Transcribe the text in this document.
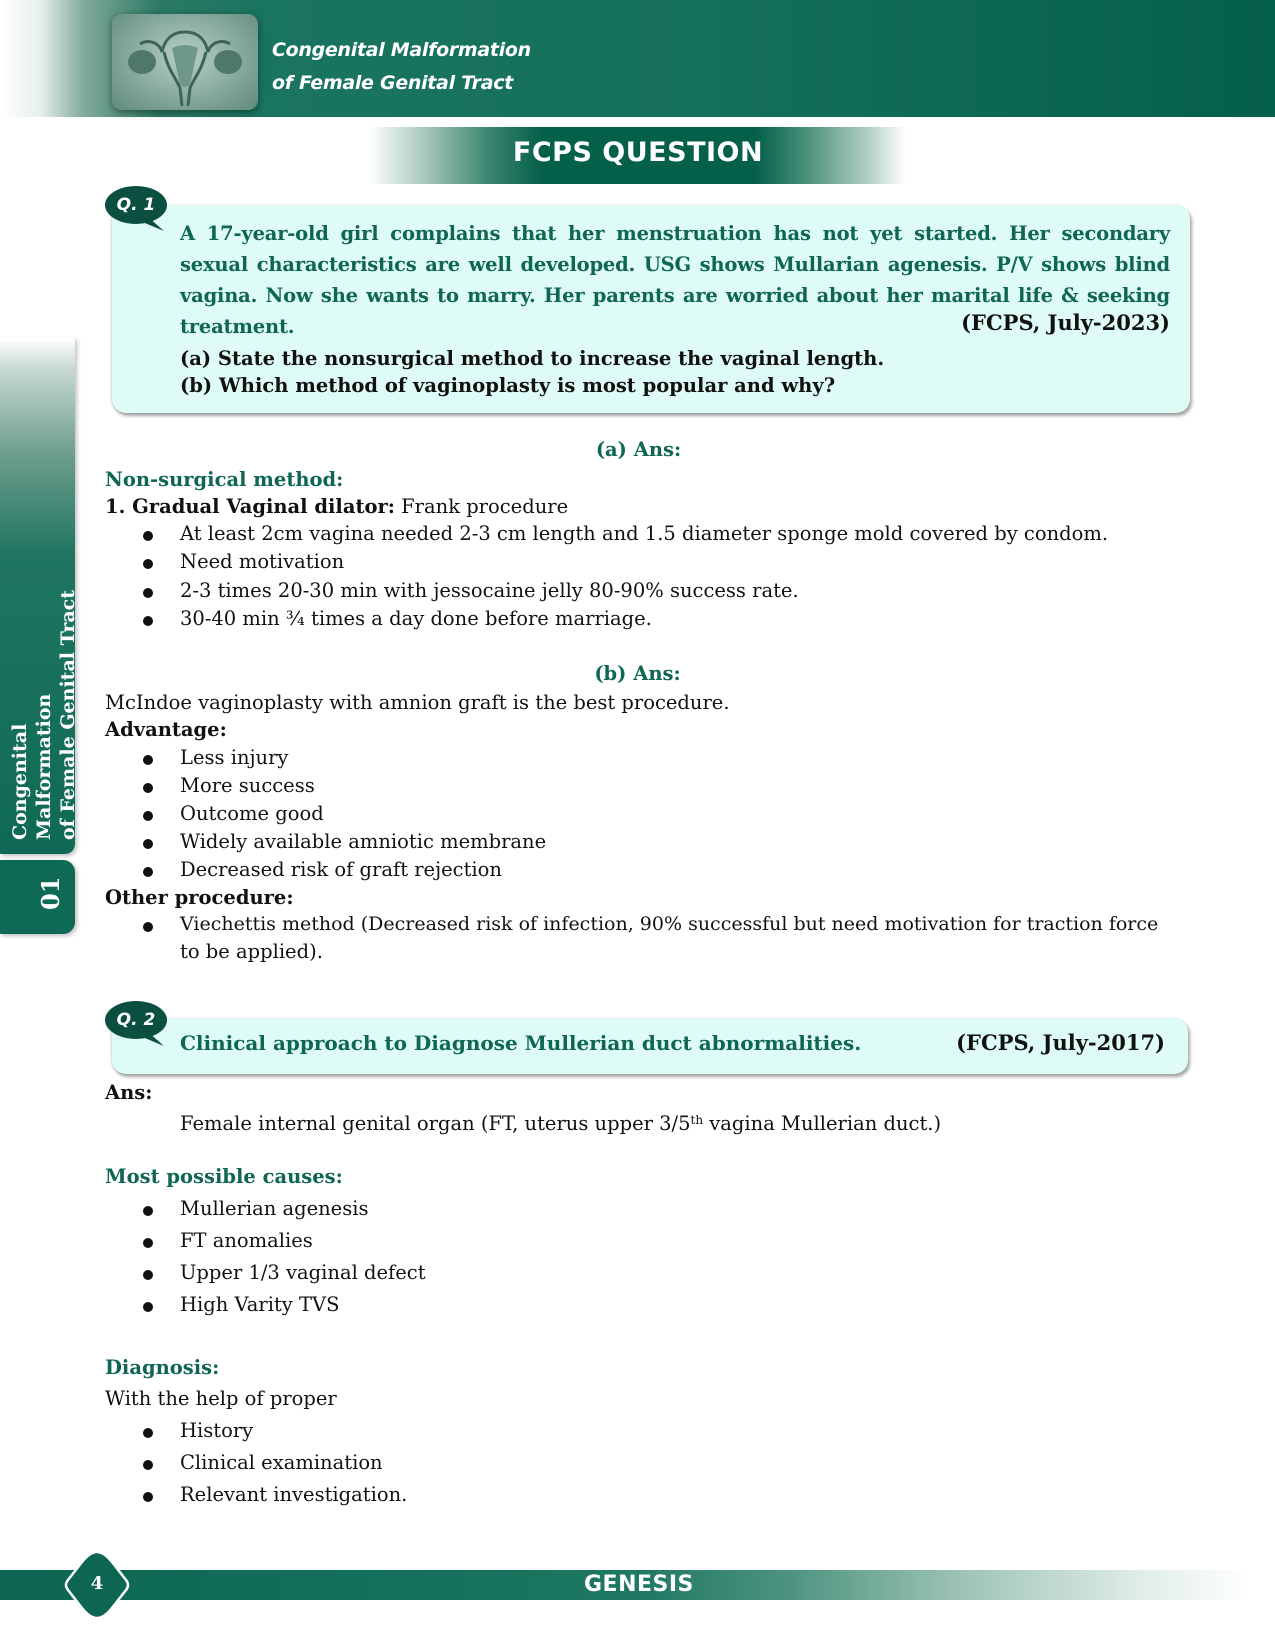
Congenital Malformation
of Female Genital Tract
FCPS QUESTION
Congenital Malformation of Female Genital Tract
01
Q. 1
A 17-year-old girl complains that her menstruation has not yet started. Her secondary sexual characteristics are well developed. USG shows Mullarian agenesis. P/V shows blind vagina. Now she wants to marry. Her parents are worried about her marital life & seeking treatment.	(FCPS, July-2023)
(a) State the nonsurgical method to increase the vaginal length.
(b) Which method of vaginoplasty is most popular and why?
(a) Ans:
Non-surgical method:
1. Gradual Vaginal dilator: Frank procedure
At least 2cm vagina needed 2-3 cm length and 1.5 diameter sponge mold covered by condom.
Need motivation
2-3 times 20-30 min with jessocaine jelly 80-90% success rate.
30-40 min ¾ times a day done before marriage.
(b) Ans:
McIndoe vaginoplasty with amnion graft is the best procedure.
Advantage:
Less injury
More success
Outcome good
Widely available amniotic membrane
Decreased risk of graft rejection
Other procedure:
Viechettis method (Decreased risk of infection, 90% successful but need motivation for traction force
to be applied).
Q. 2
Clinical approach to Diagnose Mullerian duct abnormalities.	(FCPS, July-2017)
Ans:
Female internal genital organ (FT, uterus upper 3/5th vagina Mullerian duct.)
Most possible causes:
Mullerian agenesis
FT anomalies
Upper 1/3 vaginal defect
High Varity TVS
Diagnosis:
With the help of proper
History
Clinical examination
Relevant investigation.
4	GENESIS
